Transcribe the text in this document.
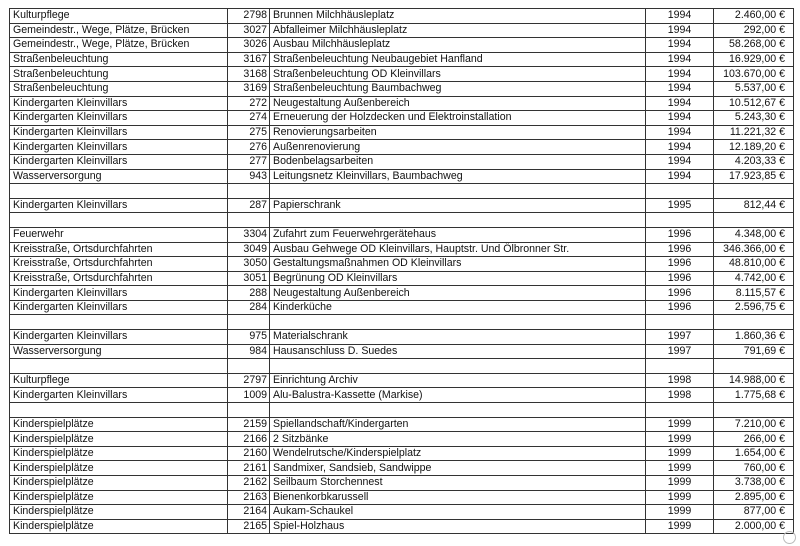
Kulturpflege	2798	Brunnen Milchhäusleplatz	1994	2.460,00 €
Gemeindestr., Wege, Plätze, Brücken	3027	Abfalleimer Milchhäusleplatz	1994	292,00 €
Gemeindestr., Wege, Plätze, Brücken	3026	Ausbau Milchhäusleplatz	1994	58.268,00 €
Straßenbeleuchtung	3167	Straßenbeleuchtung Neubaugebiet Hanfland	1994	16.929,00 €
Straßenbeleuchtung	3168	Straßenbeleuchtung OD Kleinvillars	1994	103.670,00 €
Straßenbeleuchtung	3169	Straßenbeleuchtung Baumbachweg	1994	5.537,00 €
Kindergarten Kleinvillars	272	Neugestaltung Außenbereich	1994	10.512,67 €
Kindergarten Kleinvillars	274	Erneuerung der Holzdecken und Elektroinstallation	1994	5.243,30 €
Kindergarten Kleinvillars	275	Renovierungsarbeiten	1994	11.221,32 €
Kindergarten Kleinvillars	276	Außenrenovierung	1994	12.189,20 €
Kindergarten Kleinvillars	277	Bodenbelagsarbeiten	1994	4.203,33 €
Wasserversorgung	943	Leitungsnetz Kleinvillars, Baumbachweg	1994	17.923,85 €

Kindergarten Kleinvillars	287	Papierschrank	1995	812,44 €

Feuerwehr	3304	Zufahrt zum Feuerwehrgerätehaus	1996	4.348,00 €
Kreisstraße, Ortsdurchfahrten	3049	Ausbau Gehwege OD Kleinvillars, Hauptstr. Und Ölbronner Str.	1996	346.366,00 €
Kreisstraße, Ortsdurchfahrten	3050	Gestaltungsmaßnahmen OD Kleinvillars	1996	48.810,00 €
Kreisstraße, Ortsdurchfahrten	3051	Begrünung OD Kleinvillars	1996	4.742,00 €
Kindergarten Kleinvillars	288	Neugestaltung Außenbereich	1996	8.115,57 €
Kindergarten Kleinvillars	284	Kinderküche	1996	2.596,75 €

Kindergarten Kleinvillars	975	Materialschrank	1997	1.860,36 €
Wasserversorgung	984	Hausanschluss D. Suedes	1997	791,69 €

Kulturpflege	2797	Einrichtung Archiv	1998	14.988,00 €
Kindergarten Kleinvillars	1009	Alu-Balustra-Kassette (Markise)	1998	1.775,68 €

Kinderspielplätze	2159	Spiellandschaft/Kindergarten	1999	7.210,00 €
Kinderspielplätze	2166	2 Sitzbänke	1999	266,00 €
Kinderspielplätze	2160	Wendelrutsche/Kinderspielplatz	1999	1.654,00 €
Kinderspielplätze	2161	Sandmixer, Sandsieb, Sandwippe	1999	760,00 €
Kinderspielplätze	2162	Seilbaum Storchennest	1999	3.738,00 €
Kinderspielplätze	2163	Bienenkorbkarussell	1999	2.895,00 €
Kinderspielplätze	2164	Aukam-Schaukel	1999	877,00 €
Kinderspielplätze	2165	Spiel-Holzhaus	1999	2.000,00 €
